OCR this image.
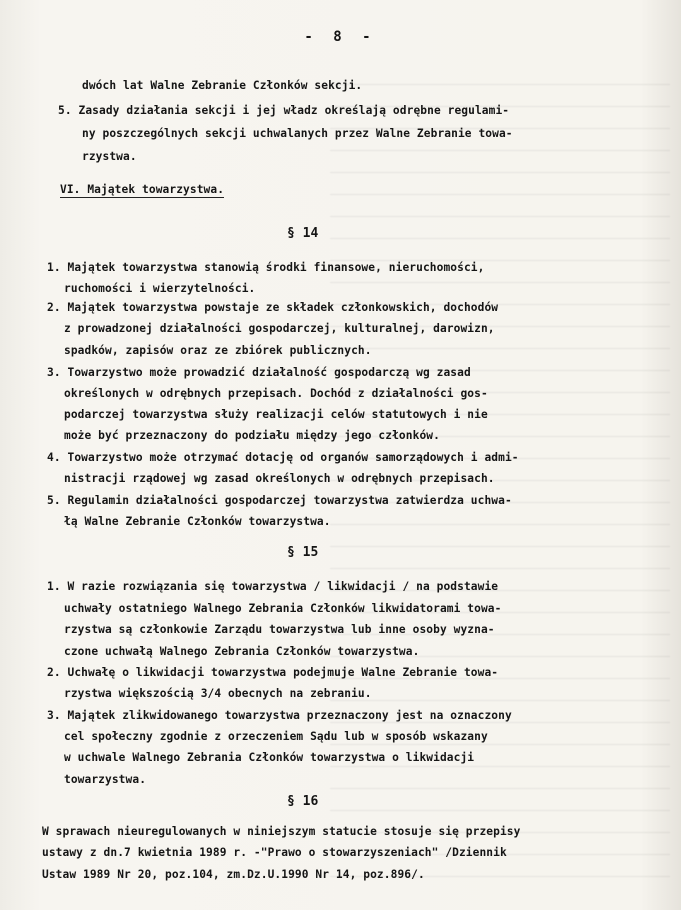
- 8 -
dwóch lat Walne Zebranie Członków sekcji.
5. Zasady działania sekcji i jej władz określają odrębne regulami-
ny poszczególnych sekcji uchwalanych przez Walne Zebranie towa-
rzystwa.
VI. Majątek towarzystwa.
§ 14
1. Majątek towarzystwa stanowią środki finansowe, nieruchomości,
ruchomości i wierzytelności.
2. Majątek towarzystwa powstaje ze składek członkowskich, dochodów
z prowadzonej działalności gospodarczej, kulturalnej, darowizn,
spadków, zapisów oraz ze zbiórek publicznych.
3. Towarzystwo może prowadzić działalność gospodarczą wg zasad
określonych w odrębnych przepisach. Dochód z działalności gos-
podarczej towarzystwa służy realizacji celów statutowych i nie
może być przeznaczony do podziału między jego członków.
4. Towarzystwo może otrzymać dotację od organów samorządowych i admi-
nistracji rządowej wg zasad określonych w odrębnych przepisach.
5. Regulamin działalności gospodarczej towarzystwa zatwierdza uchwa-
łą Walne Zebranie Członków towarzystwa.
§ 15
1. W razie rozwiązania się towarzystwa / likwidacji / na podstawie
uchwały ostatniego Walnego Zebrania Członków likwidatorami towa-
rzystwa są członkowie Zarządu towarzystwa lub inne osoby wyzna-
czone uchwałą Walnego Zebrania Członków towarzystwa.
2. Uchwałę o likwidacji towarzystwa podejmuje Walne Zebranie towa-
rzystwa większością 3/4 obecnych na zebraniu.
3. Majątek zlikwidowanego towarzystwa przeznaczony jest na oznaczony
cel społeczny zgodnie z orzeczeniem Sądu lub w sposób wskazany
w uchwale Walnego Zebrania Członków towarzystwa o likwidacji
towarzystwa.
§ 16
W sprawach nieuregulowanych w niniejszym statucie stosuje się przepisy
ustawy z dn.7 kwietnia 1989 r. -"Prawo o stowarzyszeniach" /Dziennik
Ustaw 1989 Nr 20, poz.104, zm.Dz.U.1990 Nr 14, poz.896/.
